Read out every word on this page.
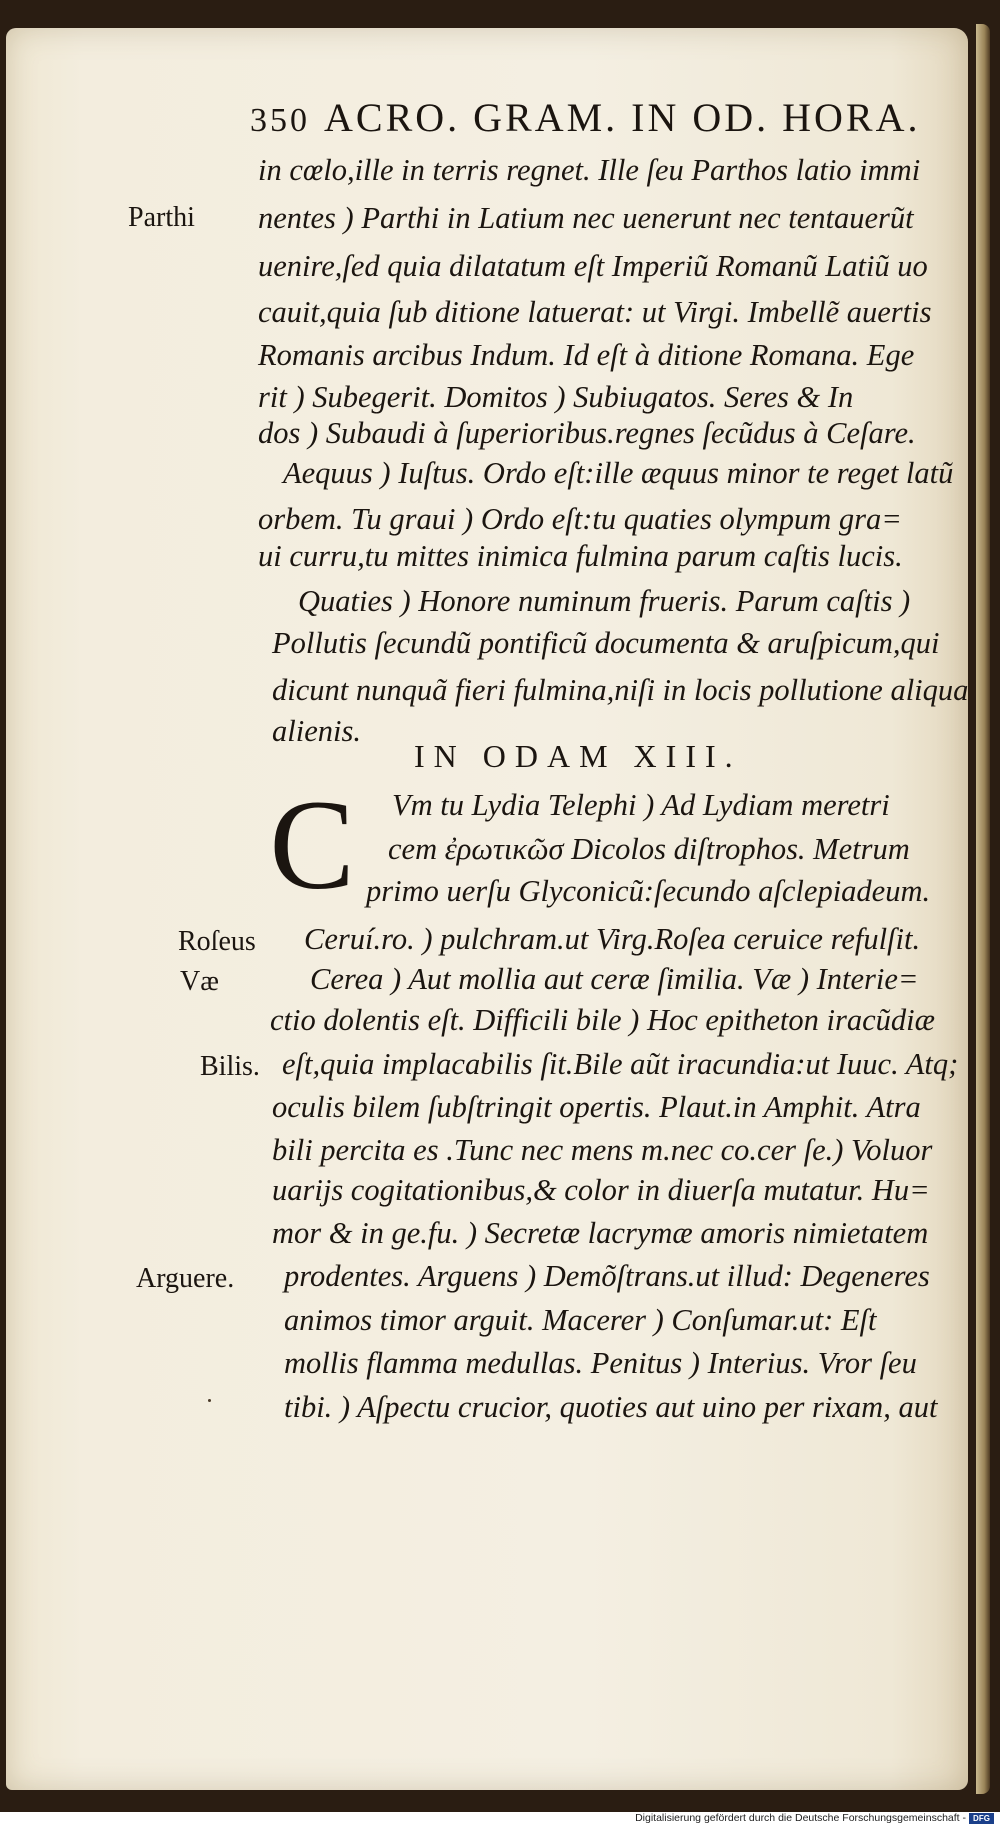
350 ACRO. GRAM. IN OD. HORA.
Parthi
Roſeus
Væ
Bilis.
Arguere.
in cœlo,ille in terris regnet. Ille ſeu Parthos latio immi
nentes ) Parthi in Latium nec uenerunt nec tentauerũt
uenire,ſed quia dilatatum eſt Imperiũ Romanũ Latiũ uo
cauit,quia ſub ditione latuerat: ut Virgi. Imbellẽ auertis
Romanis arcibus Indum. Id eſt à ditione Romana. Ege
rit ) Subegerit. Domitos ) Subiugatos. Seres & In
dos ) Subaudi à ſuperioribus.regnes ſecũdus à Ceſare.
Aequus ) Iuſtus. Ordo eſt:ille æquus minor te reget latũ
orbem. Tu graui ) Ordo eſt:tu quaties olympum gra=
ui curru,tu mittes inimica fulmina parum caſtis lucis.
Quaties ) Honore numinum frueris. Parum caſtis )
Pollutis ſecundũ pontificũ documenta & aruſpicum,qui
dicunt nunquã fieri fulmina,niſi in locis pollutione aliqua
alienis.
IN ODAM XIII.
C Vm tu Lydia Telephi ) Ad Lydiam meretri
cem ἐρωτικῶσ Dicolos diſtrophos. Metrum
primo uerſu Glyconicũ:ſecundo aſclepiadeum.
Ceruí.ro. ) pulchram.ut Virg.Roſea ceruice refulſit.
Cerea ) Aut mollia aut ceræ ſimilia. Væ ) Interie=
ctio dolentis eſt. Difficili bile ) Hoc epitheton iracũdiæ
eſt,quia implacabilis ſit.Bile aũt iracundia:ut Iuuc. Atq;
oculis bilem ſubſtringit opertis. Plaut.in Amphit. Atra
bili percita es .Tunc nec mens m.nec co.cer ſe.) Voluor
uarijs cogitationibus,& color in diuerſa mutatur. Hu=
mor & in ge.fu. ) Secretæ lacrymæ amoris nimietatem
prodentes. Arguens ) Demõſtrans.ut illud: Degeneres
animos timor arguit. Macerer ) Conſumar.ut: Eſt
mollis flamma medullas. Penitus ) Interius. Vror ſeu
tibi. ) Aſpectu crucior, quoties aut uino per rixam, aut
Digitalisierung gefördert durch die Deutsche Forschungsgemeinschaft - DFG
